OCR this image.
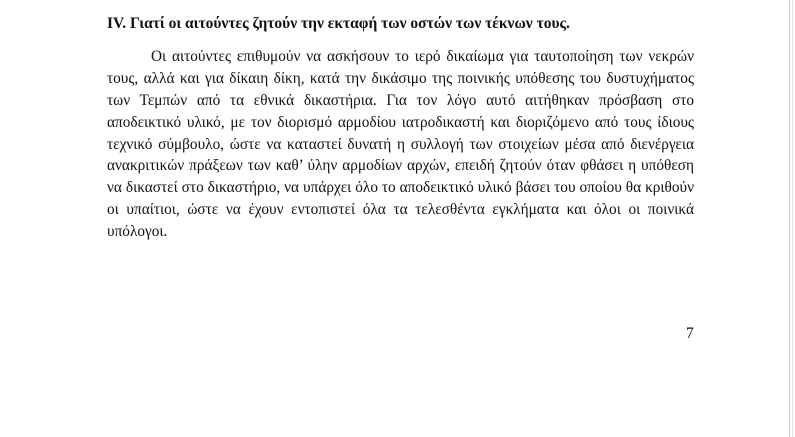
IV. Γιατί οι αιτούντες ζητούν την εκταφή των οστών των τέκνων τους.
Οι αιτούντες επιθυμούν να ασκήσουν το ιερό δικαίωμα για ταυτοποίηση των νεκρών
τους, αλλά και για δίκαιη δίκη, κατά την δικάσιμο της ποινικής υπόθεσης του δυστυχήματος
των Τεμπών από τα εθνικά δικαστήρια. Για τον λόγο αυτό αιτήθηκαν πρόσβαση στο
αποδεικτικό υλικό, με τον διορισμό αρμοδίου ιατροδικαστή και διοριζόμενο από τους ίδιους
τεχνικό σύμβουλο, ώστε να καταστεί δυνατή η συλλογή των στοιχείων μέσα από διενέργεια
ανακριτικών πράξεων των καθ’ ύλην αρμοδίων αρχών, επειδή ζητούν όταν φθάσει η υπόθεση
να δικαστεί στο δικαστήριο, να υπάρχει όλο το αποδεικτικό υλικό βάσει του οποίου θα κριθούν
οι υπαίτιοι, ώστε να έχουν εντοπιστεί όλα τα τελεσθέντα εγκλήματα και όλοι οι ποινικά
υπόλογοι.
7
